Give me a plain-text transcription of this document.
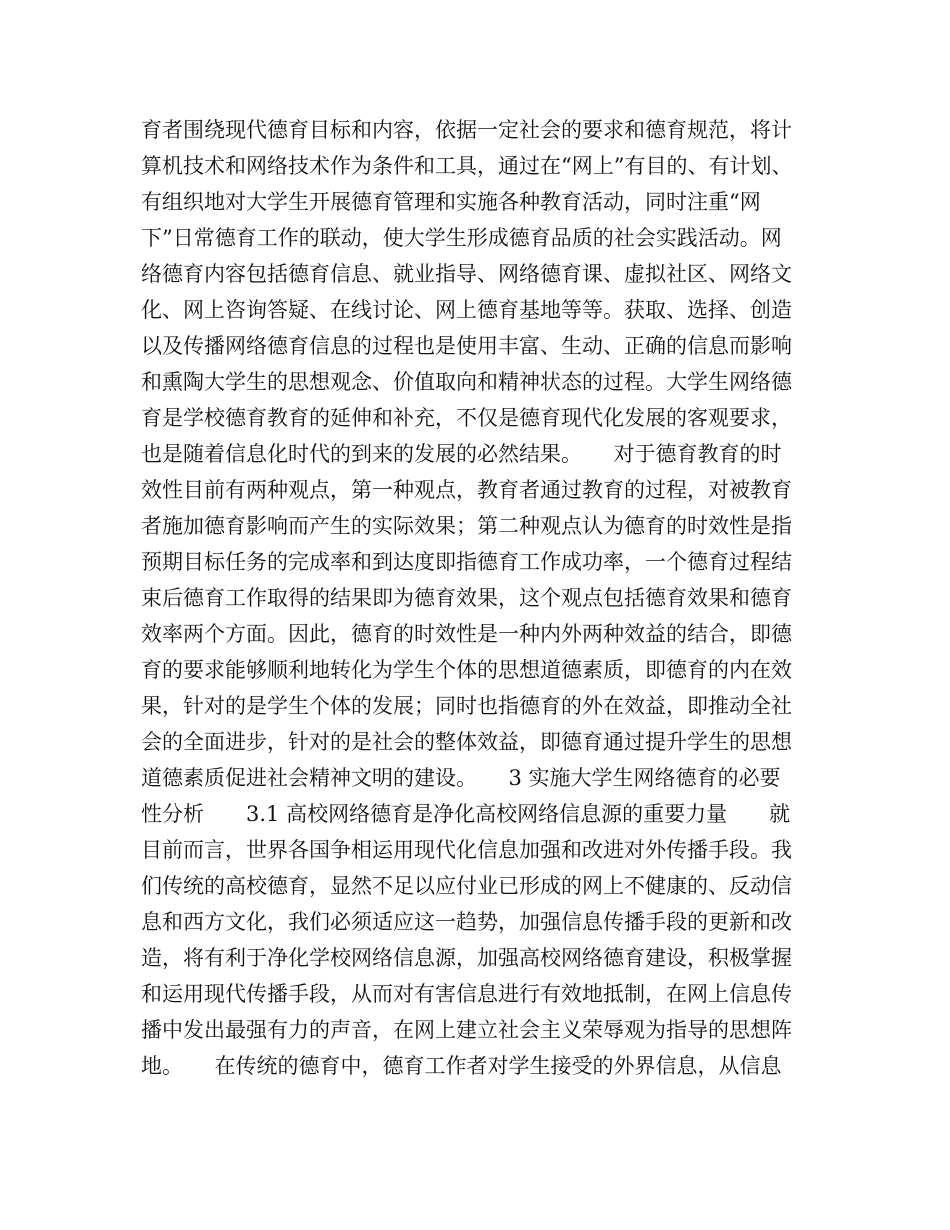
育者围绕现代德育目标和内容，依据一定社会的要求和德育规范，将计
算机技术和网络技术作为条件和工具，通过在“网上”有目的、有计划、
有组织地对大学生开展德育管理和实施各种教育活动，同时注重“网
下”日常德育工作的联动，使大学生形成德育品质的社会实践活动。网
络德育内容包括德育信息、就业指导、网络德育课、虚拟社区、网络文
化、网上咨询答疑、在线讨论、网上德育基地等等。获取、选择、创造
以及传播网络德育信息的过程也是使用丰富、生动、正确的信息而影响
和熏陶大学生的思想观念、价值取向和精神状态的过程。大学生网络德
育是学校德育教育的延伸和补充，不仅是德育现代化发展的客观要求，
也是随着信息化时代的到来的发展的必然结果。　　对于德育教育的时
效性目前有两种观点，第一种观点，教育者通过教育的过程，对被教育
者施加德育影响而产生的实际效果；第二种观点认为德育的时效性是指
预期目标任务的完成率和到达度即指德育工作成功率，一个德育过程结
束后德育工作取得的结果即为德育效果，这个观点包括德育效果和德育
效率两个方面。因此，德育的时效性是一种内外两种效益的结合，即德
育的要求能够顺利地转化为学生个体的思想道德素质，即德育的内在效
果，针对的是学生个体的发展；同时也指德育的外在效益，即推动全社
会的全面进步，针对的是社会的整体效益，即德育通过提升学生的思想
道德素质促进社会精神文明的建设。　　3 实施大学生网络德育的必要
性分析　　3.1 高校网络德育是净化高校网络信息源的重要力量　　就
目前而言，世界各国争相运用现代化信息加强和改进对外传播手段。我
们传统的高校德育，显然不足以应付业已形成的网上不健康的、反动信
息和西方文化，我们必须适应这一趋势，加强信息传播手段的更新和改
造，将有利于净化学校网络信息源，加强高校网络德育建设，积极掌握
和运用现代传播手段，从而对有害信息进行有效地抵制，在网上信息传
播中发出最强有力的声音，在网上建立社会主义荣辱观为指导的思想阵
地。　　在传统的德育中，德育工作者对学生接受的外界信息，从信息
